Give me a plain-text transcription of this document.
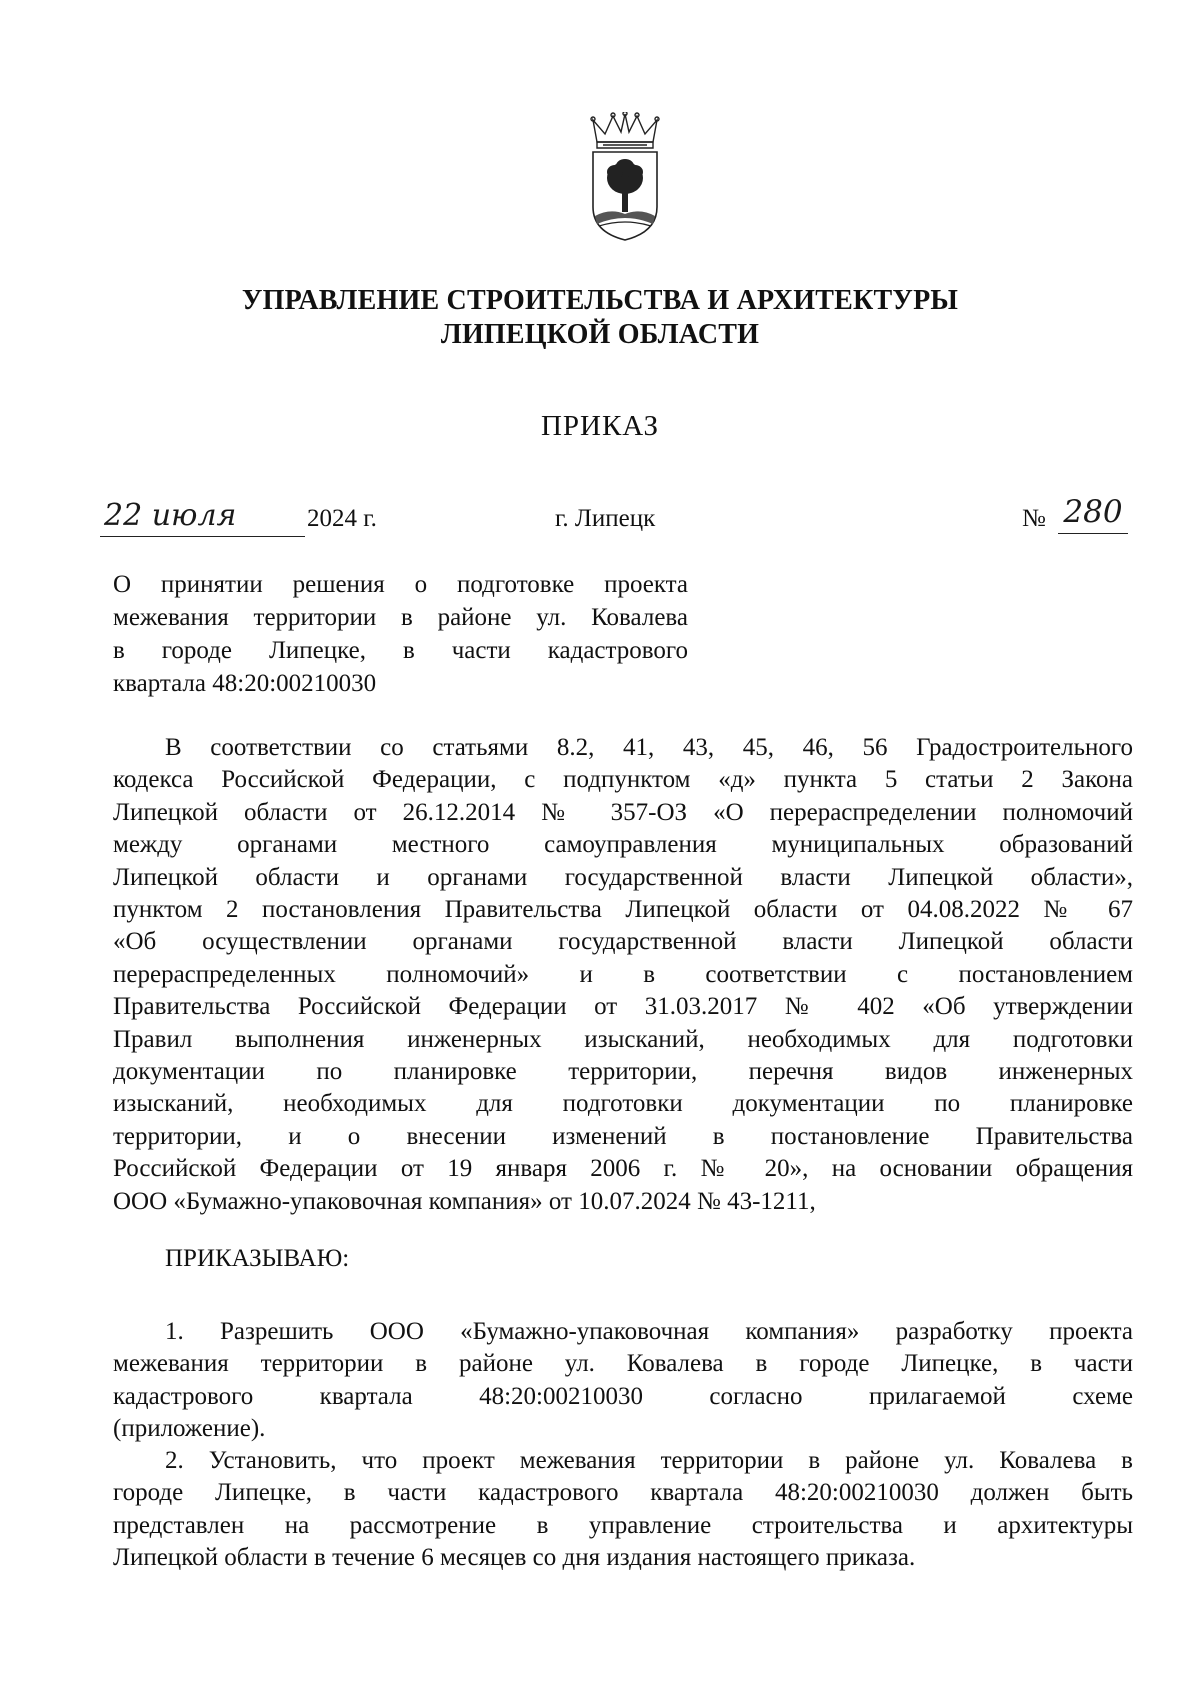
УПРАВЛЕНИЕ СТРОИТЕЛЬСТВА И АРХИТЕКТУРЫ
ЛИПЕЦКОЙ ОБЛАСТИ
ПРИКАЗ
22 июля	2024 г.	г. Липецк	№ 280
О принятии решения о подготовке проекта
межевания территории в районе ул. Ковалева
в городе Липецке, в части кадастрового
квартала 48:20:00210030
В соответствии со статьями 8.2, 41, 43, 45, 46, 56 Градостроительного
кодекса Российской Федерации, с подпунктом «д» пункта 5 статьи 2 Закона
Липецкой области от 26.12.2014 № 357-ОЗ «О перераспределении полномочий
между органами местного самоуправления муниципальных образований
Липецкой области и органами государственной власти Липецкой области»,
пунктом 2 постановления Правительства Липецкой области от 04.08.2022 № 67
«Об осуществлении органами государственной власти Липецкой области
перераспределенных полномочий» и в соответствии с постановлением
Правительства Российской Федерации от 31.03.2017 № 402 «Об утверждении
Правил выполнения инженерных изысканий, необходимых для подготовки
документации по планировке территории, перечня видов инженерных
изысканий, необходимых для подготовки документации по планировке
территории, и о внесении изменений в постановление Правительства
Российской Федерации от 19 января 2006 г. № 20», на основании обращения
ООО «Бумажно-упаковочная компания» от 10.07.2024 № 43-1211,
ПРИКАЗЫВАЮ:
1. Разрешить ООО «Бумажно-упаковочная компания» разработку проекта
межевания территории в районе ул. Ковалева в городе Липецке, в части
кадастрового квартала 48:20:00210030 согласно прилагаемой схеме
(приложение).
2. Установить, что проект межевания территории в районе ул. Ковалева в
городе Липецке, в части кадастрового квартала 48:20:00210030 должен быть
представлен на рассмотрение в управление строительства и архитектуры
Липецкой области в течение 6 месяцев со дня издания настоящего приказа.
